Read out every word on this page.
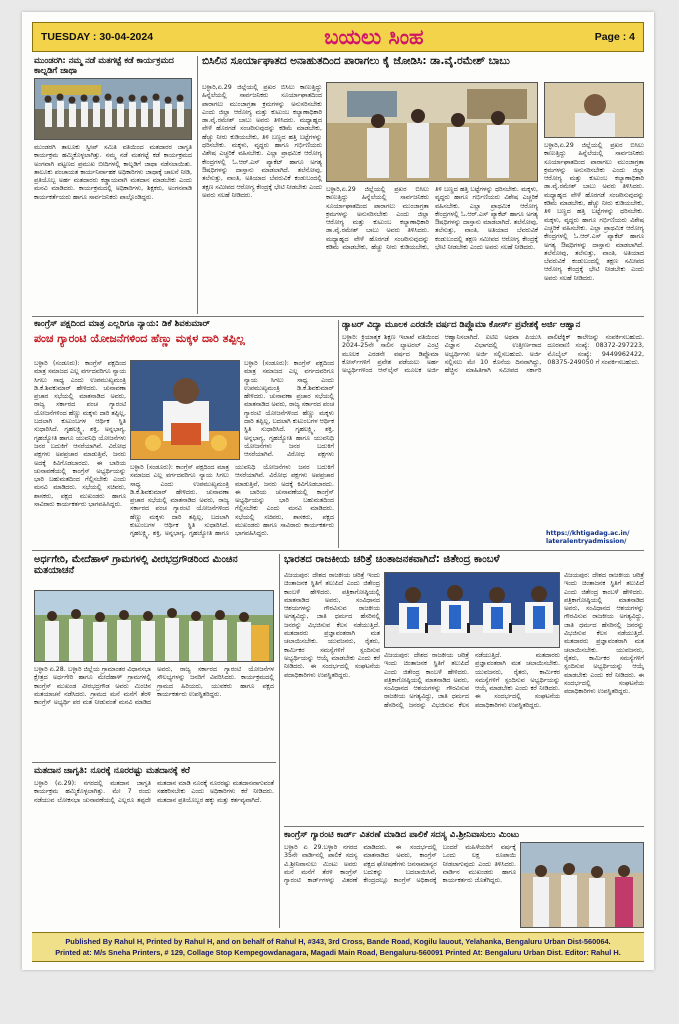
TUESDAY : 30-04-2024	ಬಯಲು ಸಿಂಹ	Page : 4
ಮುಂಡರಗಿ: ನಮ್ಮ ನಡೆ ಮತಗಟ್ಟೆ ಕಡೆ ಕಾರ್ಯಕ್ರಮದ ಕಾಲ್ನಡಿಗೆ ಜಾಥಾ
ಮುಂಡರಗಿ ತಾಲೂಕು ಸ್ವೀಪ್ ಸಮಿತಿ ವತಿಯಿಂದ ಮತದಾರರ ಜಾಗೃತಿ ಕಾರ್ಯಕ್ರಮ ಹಮ್ಮಿಕೊಳ್ಳಲಾಗಿತ್ತು. ನಮ್ಮ ನಡೆ ಮತಗಟ್ಟೆ ಕಡೆ ಕಾರ್ಯಕ್ರಮದ ಅಂಗವಾಗಿ ಪಟ್ಟಣದ ಪ್ರಮುಖ ಬೀದಿಗಳಲ್ಲಿ ಕಾಲ್ನಡಿಗೆ ಜಾಥಾ ನಡೆಸಲಾಯಿತು. ತಾಲೂಕು ಪಂಚಾಯತ ಕಾರ್ಯನಿರ್ವಾಹಕ ಅಧಿಕಾರಿಗಳು ಜಾಥಾಕ್ಕೆ ಚಾಲನೆ ನೀಡಿ, ಪ್ರತಿಯೊಬ್ಬ ಅರ್ಹ ಮತದಾರರು ಕಡ್ಡಾಯವಾಗಿ ಮತದಾನ ಮಾಡಬೇಕು ಎಂದು ಮನವಿ ಮಾಡಿದರು. ಕಾರ್ಯಕ್ರಮದಲ್ಲಿ ಅಧಿಕಾರಿಗಳು, ಶಿಕ್ಷಕರು, ಅಂಗನವಾಡಿ ಕಾರ್ಯಕರ್ತೆಯರು ಹಾಗೂ ಸಾರ್ವಜನಿಕರು ಪಾಲ್ಗೊಂಡಿದ್ದರು.
ಬಿಸಿಲಿನ ಸೂರ್ಯಾಘಾತದ ಅನಾಹುತದಿಂದ ಪಾರಾಗಲು ಕೈ ಜೋಡಿಸಿ: ಡಾ.ವೈ.ರಮೇಶ್ ಬಾಬು
ಬಳ್ಳಾರಿ,ಏ.29 ಜಿಲ್ಲೆಯಲ್ಲಿ ಪ್ರಖರ ಬಿಸಿಲು ಕಾಣುತ್ತಿದ್ದು ಹಿನ್ನೆಲೆಯಲ್ಲಿ ಸಾರ್ವಜನಿಕರು ಸೂರ್ಯಾಘಾತದಿಂದ ಪಾರಾಗಲು ಮುಂಜಾಗ್ರತಾ ಕ್ರಮಗಳನ್ನು ಅನುಸರಿಸಬೇಕು ಎಂದು ಜಿಲ್ಲಾ ಆರೋಗ್ಯ ಮತ್ತು ಕುಟುಂಬ ಕಲ್ಯಾಣಾಧಿಕಾರಿ ಡಾ.ವೈ.ರಮೇಶ್ ಬಾಬು ಅವರು ತಿಳಿಸಿದರು. ಮಧ್ಯಾಹ್ನದ ವೇಳೆ ಹೊರಗಡೆ ಸಂಚರಿಸುವುದನ್ನು ಕಡಿಮೆ ಮಾಡಬೇಕು, ಹೆಚ್ಚು ನೀರು ಕುಡಿಯಬೇಕು, ತಿಳಿ ಬಣ್ಣದ ಹತ್ತಿ ಬಟ್ಟೆಗಳನ್ನು ಧರಿಸಬೇಕು. ಮಕ್ಕಳು, ವೃದ್ಧರು ಹಾಗೂ ಗರ್ಭಿಣಿಯರು ವಿಶೇಷ ಎಚ್ಚರಿಕೆ ವಹಿಸಬೇಕು. ಎಲ್ಲಾ ಪ್ರಾಥಮಿಕ ಆರೋಗ್ಯ ಕೇಂದ್ರಗಳಲ್ಲಿ ಓ.ಆರ್.ಎಸ್ ಪ್ಯಾಕೆಟ್ ಹಾಗೂ ಅಗತ್ಯ ಔಷಧಿಗಳನ್ನು ದಾಸ್ತಾನು ಮಾಡಲಾಗಿದೆ. ತಲೆನೋವು, ತಲೆಸುತ್ತು, ವಾಂತಿ, ಅತಿಯಾದ ಬೆವರುವಿಕೆ ಕಂಡುಬಂದಲ್ಲಿ ತಕ್ಷಣ ಸಮೀಪದ ಆರೋಗ್ಯ ಕೇಂದ್ರಕ್ಕೆ ಭೇಟಿ ನೀಡಬೇಕು ಎಂದು ಅವರು ಸಲಹೆ ನೀಡಿದರು.
ಬಳ್ಳಾರಿ,ಏ.29 ಜಿಲ್ಲೆಯಲ್ಲಿ ಪ್ರಖರ ಬಿಸಿಲು ಕಾಣುತ್ತಿದ್ದು ಹಿನ್ನೆಲೆಯಲ್ಲಿ ಸಾರ್ವಜನಿಕರು ಸೂರ್ಯಾಘಾತದಿಂದ ಪಾರಾಗಲು ಮುಂಜಾಗ್ರತಾ ಕ್ರಮಗಳನ್ನು ಅನುಸರಿಸಬೇಕು ಎಂದು ಜಿಲ್ಲಾ ಆರೋಗ್ಯ ಮತ್ತು ಕುಟುಂಬ ಕಲ್ಯಾಣಾಧಿಕಾರಿ ಡಾ.ವೈ.ರಮೇಶ್ ಬಾಬು ಅವರು ತಿಳಿಸಿದರು. ಮಧ್ಯಾಹ್ನದ ವೇಳೆ ಹೊರಗಡೆ ಸಂಚರಿಸುವುದನ್ನು ಕಡಿಮೆ ಮಾಡಬೇಕು, ಹೆಚ್ಚು ನೀರು ಕುಡಿಯಬೇಕು, ತಿಳಿ ಬಣ್ಣದ ಹತ್ತಿ ಬಟ್ಟೆಗಳನ್ನು ಧರಿಸಬೇಕು. ಮಕ್ಕಳು, ವೃದ್ಧರು ಹಾಗೂ ಗರ್ಭಿಣಿಯರು ವಿಶೇಷ ಎಚ್ಚರಿಕೆ ವಹಿಸಬೇಕು. ಎಲ್ಲಾ ಪ್ರಾಥಮಿಕ ಆರೋಗ್ಯ ಕೇಂದ್ರಗಳಲ್ಲಿ ಓ.ಆರ್.ಎಸ್ ಪ್ಯಾಕೆಟ್ ಹಾಗೂ ಅಗತ್ಯ ಔಷಧಿಗಳನ್ನು ದಾಸ್ತಾನು ಮಾಡಲಾಗಿದೆ. ತಲೆನೋವು, ತಲೆಸುತ್ತು, ವಾಂತಿ, ಅತಿಯಾದ ಬೆವರುವಿಕೆ ಕಂಡುಬಂದಲ್ಲಿ ತಕ್ಷಣ ಸಮೀಪದ ಆರೋಗ್ಯ ಕೇಂದ್ರಕ್ಕೆ ಭೇಟಿ ನೀಡಬೇಕು ಎಂದು ಅವರು ಸಲಹೆ ನೀಡಿದರು.
ಬಳ್ಳಾರಿ,ಏ.29 ಜಿಲ್ಲೆಯಲ್ಲಿ ಪ್ರಖರ ಬಿಸಿಲು ಕಾಣುತ್ತಿದ್ದು ಹಿನ್ನೆಲೆಯಲ್ಲಿ ಸಾರ್ವಜನಿಕರು ಸೂರ್ಯಾಘಾತದಿಂದ ಪಾರಾಗಲು ಮುಂಜಾಗ್ರತಾ ಕ್ರಮಗಳನ್ನು ಅನುಸರಿಸಬೇಕು ಎಂದು ಜಿಲ್ಲಾ ಆರೋಗ್ಯ ಮತ್ತು ಕುಟುಂಬ ಕಲ್ಯಾಣಾಧಿಕಾರಿ ಡಾ.ವೈ.ರಮೇಶ್ ಬಾಬು ಅವರು ತಿಳಿಸಿದರು. ಮಧ್ಯಾಹ್ನದ ವೇಳೆ ಹೊರಗಡೆ ಸಂಚರಿಸುವುದನ್ನು ಕಡಿಮೆ ಮಾಡಬೇಕು, ಹೆಚ್ಚು ನೀರು ಕುಡಿಯಬೇಕು, ತಿಳಿ ಬಣ್ಣದ ಹತ್ತಿ ಬಟ್ಟೆಗಳನ್ನು ಧರಿಸಬೇಕು. ಮಕ್ಕಳು, ವೃದ್ಧರು ಹಾಗೂ ಗರ್ಭಿಣಿಯರು ವಿಶೇಷ ಎಚ್ಚರಿಕೆ ವಹಿಸಬೇಕು. ಎಲ್ಲಾ ಪ್ರಾಥಮಿಕ ಆರೋಗ್ಯ ಕೇಂದ್ರಗಳಲ್ಲಿ ಓ.ಆರ್.ಎಸ್ ಪ್ಯಾಕೆಟ್ ಹಾಗೂ ಅಗತ್ಯ ಔಷಧಿಗಳನ್ನು ದಾಸ್ತಾನು ಮಾಡಲಾಗಿದೆ. ತಲೆನೋವು, ತಲೆಸುತ್ತು, ವಾಂತಿ, ಅತಿಯಾದ ಬೆವರುವಿಕೆ ಕಂಡುಬಂದಲ್ಲಿ ತಕ್ಷಣ ಸಮೀಪದ ಆರೋಗ್ಯ ಕೇಂದ್ರಕ್ಕೆ ಭೇಟಿ ನೀಡಬೇಕು ಎಂದು ಅವರು ಸಲಹೆ ನೀಡಿದರು.
ಕಾಂಗ್ರೆಸ್ ಪಕ್ಷದಿಂದ ಮಾತ್ರ ಎಲ್ಲರಿಗೂ ನ್ಯಾಯ: ಡಿಕೆ ಶಿವಕುಮಾರ್
ಪಂಚ ಗ್ಯಾರಂಟಿ ಯೋಜನೆಗಳಿಂದ ಹೆಣ್ಣು ಮಕ್ಕಳ ದಾರಿ ತಪ್ಪಿಲ್ಲ
ಬಳ್ಳಾರಿ (ಸಂಡೂರು): ಕಾಂಗ್ರೆಸ್ ಪಕ್ಷದಿಂದ ಮಾತ್ರ ಸಮಾಜದ ಎಲ್ಲ ವರ್ಗದವರಿಗೂ ನ್ಯಾಯ ಸಿಗಲು ಸಾಧ್ಯ ಎಂದು ಉಪಮುಖ್ಯಮಂತ್ರಿ ಡಿ.ಕೆ.ಶಿವಕುಮಾರ್ ಹೇಳಿದರು. ಚುನಾವಣಾ ಪ್ರಚಾರ ಸಭೆಯಲ್ಲಿ ಮಾತನಾಡಿದ ಅವರು, ರಾಜ್ಯ ಸರ್ಕಾರದ ಪಂಚ ಗ್ಯಾರಂಟಿ ಯೋಜನೆಗಳಿಂದ ಹೆಣ್ಣು ಮಕ್ಕಳು ದಾರಿ ತಪ್ಪಿಲ್ಲ, ಬದಲಾಗಿ ಕುಟುಂಬಗಳ ಆರ್ಥಿಕ ಸ್ಥಿತಿ ಸುಧಾರಿಸಿದೆ. ಗೃಹಲಕ್ಷ್ಮಿ, ಶಕ್ತಿ, ಅನ್ನಭಾಗ್ಯ, ಗೃಹಜ್ಯೋತಿ ಹಾಗೂ ಯುವನಿಧಿ ಯೋಜನೆಗಳು ಜನರ ಬದುಕಿಗೆ ಆಸರೆಯಾಗಿವೆ. ವಿರೋಧ ಪಕ್ಷಗಳು ಅಪಪ್ರಚಾರ ಮಾಡುತ್ತಿವೆ, ಜನರು ಅದಕ್ಕೆ ಕಿವಿಗೊಡಬಾರದು. ಈ ಬಾರಿಯ ಚುನಾವಣೆಯಲ್ಲಿ ಕಾಂಗ್ರೆಸ್ ಅಭ್ಯರ್ಥಿಯನ್ನು ಭಾರಿ ಬಹುಮತದಿಂದ ಗೆಲ್ಲಿಸಬೇಕು ಎಂದು ಮನವಿ ಮಾಡಿದರು. ಸಭೆಯಲ್ಲಿ ಸಚಿವರು, ಶಾಸಕರು, ಪಕ್ಷದ ಮುಖಂಡರು ಹಾಗೂ ಸಾವಿರಾರು ಕಾರ್ಯಕರ್ತರು ಭಾಗವಹಿಸಿದ್ದರು.
ಬಳ್ಳಾರಿ (ಸಂಡೂರು): ಕಾಂಗ್ರೆಸ್ ಪಕ್ಷದಿಂದ ಮಾತ್ರ ಸಮಾಜದ ಎಲ್ಲ ವರ್ಗದವರಿಗೂ ನ್ಯಾಯ ಸಿಗಲು ಸಾಧ್ಯ ಎಂದು ಉಪಮುಖ್ಯಮಂತ್ರಿ ಡಿ.ಕೆ.ಶಿವಕುಮಾರ್ ಹೇಳಿದರು. ಚುನಾವಣಾ ಪ್ರಚಾರ ಸಭೆಯಲ್ಲಿ ಮಾತನಾಡಿದ ಅವರು, ರಾಜ್ಯ ಸರ್ಕಾರದ ಪಂಚ ಗ್ಯಾರಂಟಿ ಯೋಜನೆಗಳಿಂದ ಹೆಣ್ಣು ಮಕ್ಕಳು ದಾರಿ ತಪ್ಪಿಲ್ಲ, ಬದಲಾಗಿ ಕುಟುಂಬಗಳ ಆರ್ಥಿಕ ಸ್ಥಿತಿ ಸುಧಾರಿಸಿದೆ. ಗೃಹಲಕ್ಷ್ಮಿ, ಶಕ್ತಿ, ಅನ್ನಭಾಗ್ಯ, ಗೃಹಜ್ಯೋತಿ ಹಾಗೂ ಯುವನಿಧಿ ಯೋಜನೆಗಳು ಜನರ ಬದುಕಿಗೆ ಆಸರೆಯಾಗಿವೆ. ವಿರೋಧ ಪಕ್ಷಗಳು ಅಪಪ್ರಚಾರ ಮಾಡುತ್ತಿವೆ, ಜನರು ಅದಕ್ಕೆ ಕಿವಿಗೊಡಬಾರದು. ಈ ಬಾರಿಯ ಚುನಾವಣೆಯಲ್ಲಿ ಕಾಂಗ್ರೆಸ್ ಅಭ್ಯರ್ಥಿಯನ್ನು ಭಾರಿ ಬಹುಮತದಿಂದ ಗೆಲ್ಲಿಸಬೇಕು ಎಂದು ಮನವಿ ಮಾಡಿದರು. ಸಭೆಯಲ್ಲಿ ಸಚಿವರು, ಶಾಸಕರು, ಪಕ್ಷದ ಮುಖಂಡರು ಹಾಗೂ ಸಾವಿರಾರು ಕಾರ್ಯಕರ್ತರು ಭಾಗವಹಿಸಿದ್ದರು.
ಬಳ್ಳಾರಿ (ಸಂಡೂರು): ಕಾಂಗ್ರೆಸ್ ಪಕ್ಷದಿಂದ ಮಾತ್ರ ಸಮಾಜದ ಎಲ್ಲ ವರ್ಗದವರಿಗೂ ನ್ಯಾಯ ಸಿಗಲು ಸಾಧ್ಯ ಎಂದು ಉಪಮುಖ್ಯಮಂತ್ರಿ ಡಿ.ಕೆ.ಶಿವಕುಮಾರ್ ಹೇಳಿದರು. ಚುನಾವಣಾ ಪ್ರಚಾರ ಸಭೆಯಲ್ಲಿ ಮಾತನಾಡಿದ ಅವರು, ರಾಜ್ಯ ಸರ್ಕಾರದ ಪಂಚ ಗ್ಯಾರಂಟಿ ಯೋಜನೆಗಳಿಂದ ಹೆಣ್ಣು ಮಕ್ಕಳು ದಾರಿ ತಪ್ಪಿಲ್ಲ, ಬದಲಾಗಿ ಕುಟುಂಬಗಳ ಆರ್ಥಿಕ ಸ್ಥಿತಿ ಸುಧಾರಿಸಿದೆ. ಗೃಹಲಕ್ಷ್ಮಿ, ಶಕ್ತಿ, ಅನ್ನಭಾಗ್ಯ, ಗೃಹಜ್ಯೋತಿ ಹಾಗೂ ಯುವನಿಧಿ ಯೋಜನೆಗಳು ಜನರ ಬದುಕಿಗೆ ಆಸರೆಯಾಗಿವೆ. ವಿರೋಧ ಪಕ್ಷಗಳು
ಡ್ಯಾಟರ್ ವಿದ್ಯಾ ಮೂಲಕ ಎರಡನೇ ವರ್ಷದ ಡಿಪ್ಲೊಮಾ ಕೋರ್ಸ್ ಪ್ರವೇಶಕ್ಕೆ ಅರ್ಜಿ ಆಹ್ವಾನ
ಬಳ್ಳಾರಿ: ಕ್ರಿಯಾತ್ಮಕ ಶಿಕ್ಷಣ ಇಲಾಖೆ ವತಿಯಿಂದ 2024-25ನೇ ಸಾಲಿನ ಲ್ಯಾಟರಲ್ ಎಂಟ್ರಿ ಮೂಲಕ ಎರಡನೇ ವರ್ಷದ ಡಿಪ್ಲೊಮಾ ಕೋರ್ಸ್‌ಗಳಿಗೆ ಪ್ರವೇಶ ಪಡೆಯಲು ಅರ್ಹ ಅಭ್ಯರ್ಥಿಗಳಿಂದ ಆನ್‌ಲೈನ್ ಮೂಲಕ ಅರ್ಜಿ ಆಹ್ವಾನಿಸಲಾಗಿದೆ. ಐಟಿಐ ಅಥವಾ ಪಿಯುಸಿ ವಿಜ್ಞಾನ ವಿಭಾಗದಲ್ಲಿ ಉತ್ತೀರ್ಣರಾದ ಅಭ್ಯರ್ಥಿಗಳು ಅರ್ಜಿ ಸಲ್ಲಿಸಬಹುದು. ಅರ್ಜಿ ಸಲ್ಲಿಸಲು ಮೇ 10 ಕೊನೆಯ ದಿನವಾಗಿದ್ದು, ಹೆಚ್ಚಿನ ಮಾಹಿತಿಗಾಗಿ ಸಮೀಪದ ಸರ್ಕಾರಿ ಪಾಲಿಟೆಕ್ನಿಕ್ ಕಾಲೇಜನ್ನು ಸಂಪರ್ಕಿಸಬಹುದು. ದೂರವಾಣಿ ಸಂಖ್ಯೆ: 08372-297223, ಮೊಬೈಲ್ ಸಂಖ್ಯೆ: 9449962422, 08375-249050 ಗೆ ಸಂಪರ್ಕಿಸಬಹುದು.
https://khtigadag.ac.in/ lateralentryadmission/
ಅರ್ಧಗೇರಿ, ಮೇದೆಹಾಳ್ ಗ್ರಾಮಗಳಲ್ಲಿ ವೀರಭದ್ರಗೌಡರಿಂದ ಮಿಂಚಿನ ಮತಯಾಚನೆ
ಬಳ್ಳಾರಿ ಏ.28. ಬಳ್ಳಾರಿ ಜಿಲ್ಲೆಯ ಗ್ರಾಮಾಂತರ ವಿಧಾನಸಭಾ ಕ್ಷೇತ್ರದ ಅರ್ಧಗೇರಿ ಹಾಗೂ ಮೇದೆಹಾಳ್ ಗ್ರಾಮಗಳಲ್ಲಿ ಕಾಂಗ್ರೆಸ್ ಮುಖಂಡ ವೀರಭದ್ರಗೌಡ ಅವರು ಮಿಂಚಿನ ಮತಯಾಚನೆ ನಡೆಸಿದರು. ಗ್ರಾಮದ ಮನೆ ಮನೆಗೆ ತೆರಳಿ ಕಾಂಗ್ರೆಸ್ ಅಭ್ಯರ್ಥಿ ಪರ ಮತ ನೀಡುವಂತೆ ಮನವಿ ಮಾಡಿದ ಅವರು, ರಾಜ್ಯ ಸರ್ಕಾರದ ಗ್ಯಾರಂಟಿ ಯೋಜನೆಗಳ ಸೌಲಭ್ಯಗಳನ್ನು ಜನರಿಗೆ ವಿವರಿಸಿದರು. ಕಾರ್ಯಕ್ರಮದಲ್ಲಿ ಗ್ರಾಮದ ಹಿರಿಯರು, ಯುವಕರು ಹಾಗೂ ಪಕ್ಷದ ಕಾರ್ಯಕರ್ತರು ಉಪಸ್ಥಿತರಿದ್ದರು.
ಮತದಾನ ಜಾಗೃತಿ: ನೂರಕ್ಕೆ ನೂರರಷ್ಟು ಮತದಾನಕ್ಕೆ ಕರೆ
ಬಳ್ಳಾರಿ (ಏ.29): ನಗರದಲ್ಲಿ ಮತದಾನ ಜಾಗೃತಿ ಕಾರ್ಯಕ್ರಮ ಹಮ್ಮಿಕೊಳ್ಳಲಾಗಿತ್ತು. ಮೇ 7 ರಂದು ನಡೆಯುವ ಲೋಕಸಭಾ ಚುನಾವಣೆಯಲ್ಲಿ ಎಲ್ಲರೂ ತಪ್ಪದೇ ಮತದಾನ ಮಾಡಿ ನೂರಕ್ಕೆ ನೂರರಷ್ಟು ಮತದಾನವಾಗುವಂತೆ ಸಹಕರಿಸಬೇಕು ಎಂದು ಅಧಿಕಾರಿಗಳು ಕರೆ ನೀಡಿದರು. ಮತದಾನ ಪ್ರತಿಯೊಬ್ಬರ ಹಕ್ಕು ಮತ್ತು ಕರ್ತವ್ಯವಾಗಿದೆ.
ಭಾರತದ ರಾಜಕೀಯ ಚರಿತ್ರೆ ಚಿಂತಾಜನಕವಾಗಿದೆ: ಜಿತೇಂದ್ರ ಕಾಂಬಳೆ
ವಿಜಯಪುರ: ದೇಶದ ರಾಜಕೀಯ ಚರಿತ್ರೆ ಇಂದು ಚಿಂತಾಜನಕ ಸ್ಥಿತಿಗೆ ತಲುಪಿದೆ ಎಂದು ಜಿತೇಂದ್ರ ಕಾಂಬಳೆ ಹೇಳಿದರು. ಪತ್ರಿಕಾಗೋಷ್ಠಿಯಲ್ಲಿ ಮಾತನಾಡಿದ ಅವರು, ಸಂವಿಧಾನದ ಆಶಯಗಳನ್ನು ಗೌರವಿಸುವ ರಾಜಕೀಯ ಅಗತ್ಯವಿದ್ದು, ಜಾತಿ ಧರ್ಮದ ಹೆಸರಿನಲ್ಲಿ ಜನರನ್ನು ವಿಭಜಿಸುವ ಕೆಲಸ ನಡೆಯುತ್ತಿದೆ. ಮತದಾರರು ಪ್ರಜ್ಞಾವಂತರಾಗಿ ಮತ ಚಲಾಯಿಸಬೇಕು. ಯುವಜನರು, ರೈತರು, ಕಾರ್ಮಿಕರ ಸಮಸ್ಯೆಗಳಿಗೆ ಸ್ಪಂದಿಸುವ ಅಭ್ಯರ್ಥಿಯನ್ನು ಆಯ್ಕೆ ಮಾಡಬೇಕು ಎಂದು ಕರೆ ನೀಡಿದರು. ಈ ಸಂದರ್ಭದಲ್ಲಿ ಸಂಘಟನೆಯ ಪದಾಧಿಕಾರಿಗಳು ಉಪಸ್ಥಿತರಿದ್ದರು.
ವಿಜಯಪುರ: ದೇಶದ ರಾಜಕೀಯ ಚರಿತ್ರೆ ಇಂದು ಚಿಂತಾಜನಕ ಸ್ಥಿತಿಗೆ ತಲುಪಿದೆ ಎಂದು ಜಿತೇಂದ್ರ ಕಾಂಬಳೆ ಹೇಳಿದರು. ಪತ್ರಿಕಾಗೋಷ್ಠಿಯಲ್ಲಿ ಮಾತನಾಡಿದ ಅವರು, ಸಂವಿಧಾನದ ಆಶಯಗಳನ್ನು ಗೌರವಿಸುವ ರಾಜಕೀಯ ಅಗತ್ಯವಿದ್ದು, ಜಾತಿ ಧರ್ಮದ ಹೆಸರಿನಲ್ಲಿ ಜನರನ್ನು ವಿಭಜಿಸುವ ಕೆಲಸ ನಡೆಯುತ್ತಿದೆ. ಮತದಾರರು ಪ್ರಜ್ಞಾವಂತರಾಗಿ ಮತ ಚಲಾಯಿಸಬೇಕು. ಯುವಜನರು, ರೈತರು, ಕಾರ್ಮಿಕರ ಸಮಸ್ಯೆಗಳಿಗೆ ಸ್ಪಂದಿಸುವ ಅಭ್ಯರ್ಥಿಯನ್ನು ಆಯ್ಕೆ ಮಾಡಬೇಕು ಎಂದು ಕರೆ ನೀಡಿದರು. ಈ ಸಂದರ್ಭದಲ್ಲಿ ಸಂಘಟನೆಯ ಪದಾಧಿಕಾರಿಗಳು ಉಪಸ್ಥಿತರಿದ್ದರು.
ವಿಜಯಪುರ: ದೇಶದ ರಾಜಕೀಯ ಚರಿತ್ರೆ ಇಂದು ಚಿಂತಾಜನಕ ಸ್ಥಿತಿಗೆ ತಲುಪಿದೆ ಎಂದು ಜಿತೇಂದ್ರ ಕಾಂಬಳೆ ಹೇಳಿದರು. ಪತ್ರಿಕಾಗೋಷ್ಠಿಯಲ್ಲಿ ಮಾತನಾಡಿದ ಅವರು, ಸಂವಿಧಾನದ ಆಶಯಗಳನ್ನು ಗೌರವಿಸುವ ರಾಜಕೀಯ ಅಗತ್ಯವಿದ್ದು, ಜಾತಿ ಧರ್ಮದ ಹೆಸರಿನಲ್ಲಿ ಜನರನ್ನು ವಿಭಜಿಸುವ ಕೆಲಸ ನಡೆಯುತ್ತಿದೆ. ಮತದಾರರು ಪ್ರಜ್ಞಾವಂತರಾಗಿ ಮತ ಚಲಾಯಿಸಬೇಕು. ಯುವಜನರು, ರೈತರು, ಕಾರ್ಮಿಕರ ಸಮಸ್ಯೆಗಳಿಗೆ ಸ್ಪಂದಿಸುವ ಅಭ್ಯರ್ಥಿಯನ್ನು ಆಯ್ಕೆ ಮಾಡಬೇಕು ಎಂದು ಕರೆ ನೀಡಿದರು. ಈ ಸಂದರ್ಭದಲ್ಲಿ ಸಂಘಟನೆಯ ಪದಾಧಿಕಾರಿಗಳು ಉಪಸ್ಥಿತರಿದ್ದರು.
ಕಾಂಗ್ರೆಸ್ ಗ್ಯಾರಂಟಿ ಕಾರ್ಡ್ ವಿತರಣೆ ಮಾಡಿದ ಪಾಲಿಕೆ ಸದಸ್ಯ ವಿ.ಶ್ರೀನಿವಾಸುಲು ಮಿಂಟು
ಬಳ್ಳಾರಿ ಏ 29.ಬಳ್ಳಾರಿ ನಗರದ 35ನೇ ವಾರ್ಡಿನಲ್ಲಿ ಪಾಲಿಕೆ ಸದಸ್ಯ ವಿ.ಶ್ರೀನಿವಾಸುಲು ಮಿಂಟು ಅವರು ಮನೆ ಮನೆಗೆ ತೆರಳಿ ಕಾಂಗ್ರೆಸ್ ಗ್ಯಾರಂಟಿ ಕಾರ್ಡ್‌ಗಳನ್ನು ವಿತರಣೆ ಮಾಡಿದರು. ಈ ಸಂದರ್ಭದಲ್ಲಿ ಮಾತನಾಡಿದ ಅವರು, ಕಾಂಗ್ರೆಸ್ ಪಕ್ಷದ ಘೋಷಣೆಗಳು ಜನಸಾಮಾನ್ಯರ ಬದುಕನ್ನು ಬದಲಾಯಿಸಿವೆ, ಕೇಂದ್ರದಲ್ಲೂ ಕಾಂಗ್ರೆಸ್ ಅಧಿಕಾರಕ್ಕೆ ಬಂದರೆ ಮಹಿಳೆಯರಿಗೆ ವರ್ಷಕ್ಕೆ ಒಂದು ಲಕ್ಷ ರೂಪಾಯಿ ನೀಡಲಾಗುವುದು ಎಂದು ತಿಳಿಸಿದರು. ವಾರ್ಡಿನ ಮುಖಂಡರು ಹಾಗೂ ಕಾರ್ಯಕರ್ತರು ಜೊತೆಗಿದ್ದರು.
Published By Rahul H, Printed by Rahul H, and on behalf of Rahul H, #343, 3rd Cross, Bande Road, Kogilu lauout, Yelahanka, Bengaluru Urban Dist-560064.
Printed at: M/s Sneha Printers, # 129, Collage Stop Kempegowdanagara, Magadi Main Road, Bengaluru-560091 Printed At: Bengaluru Urban Dist. Editor: Rahul H.
